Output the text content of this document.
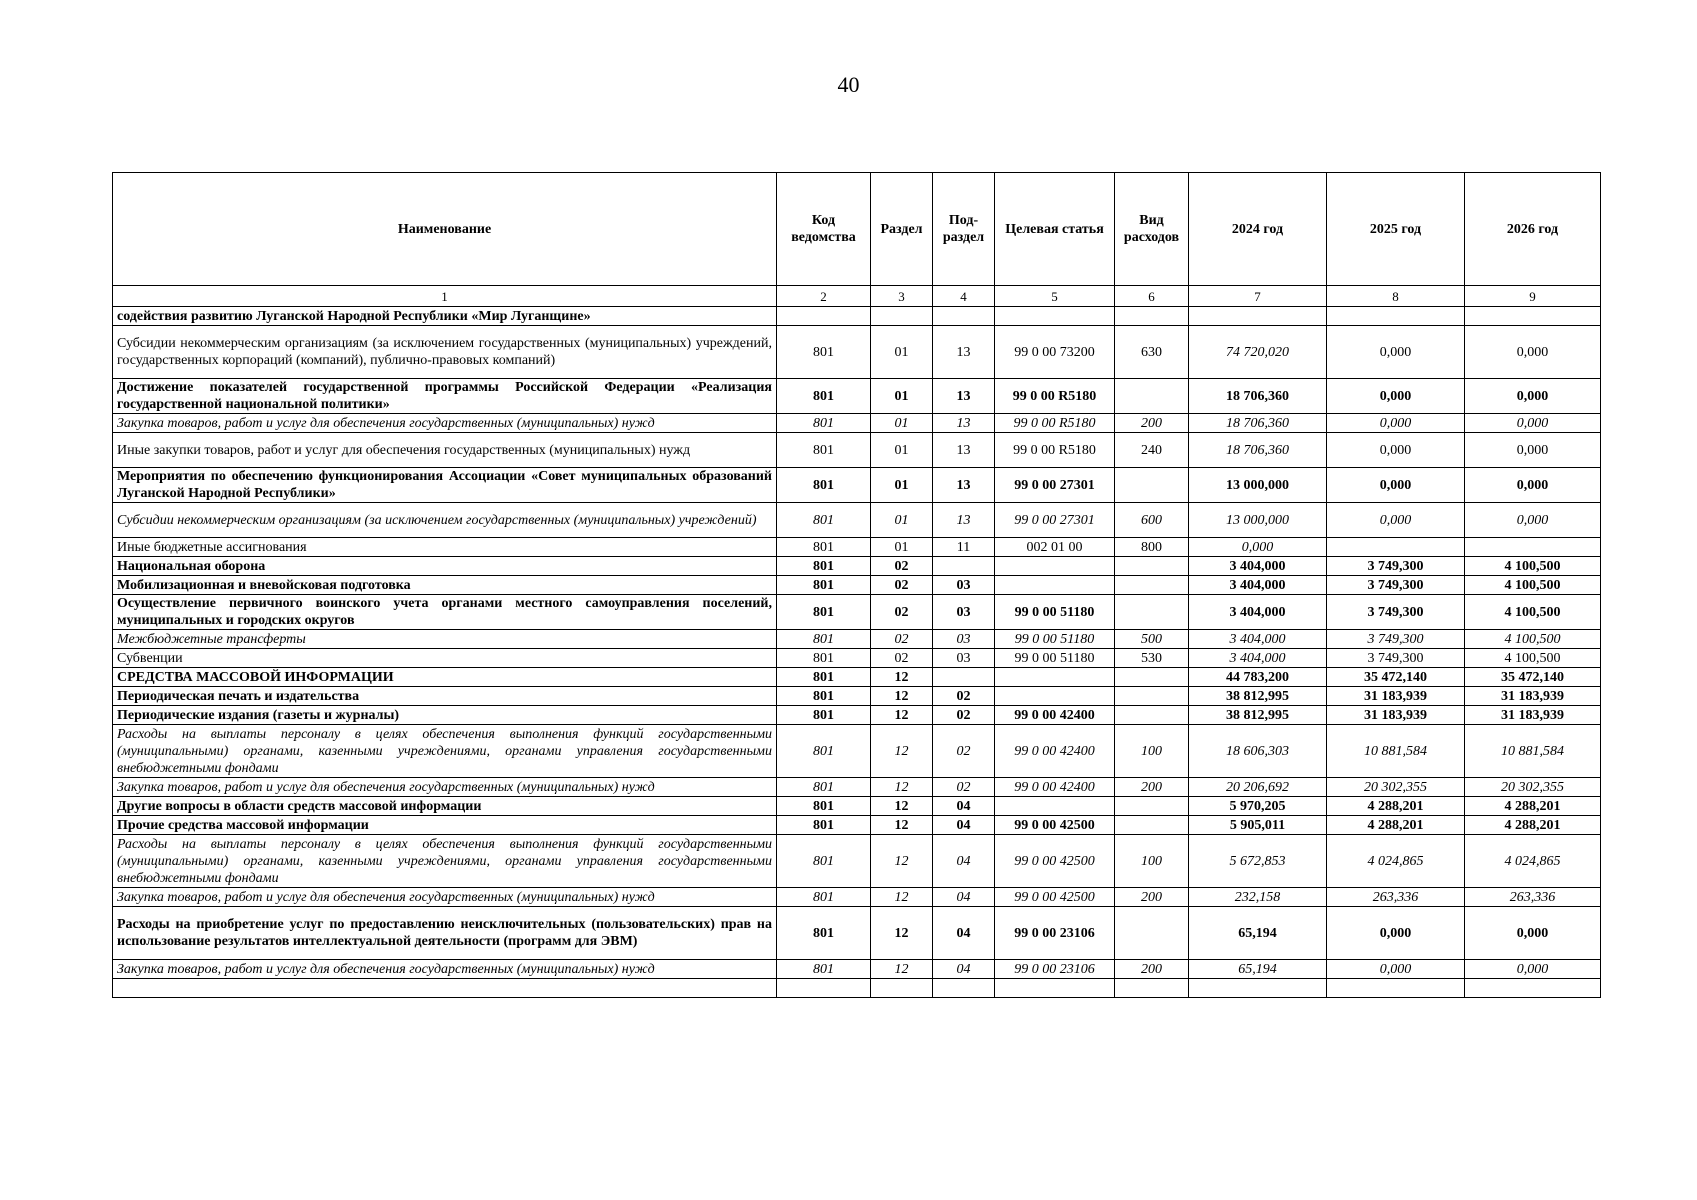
40
Наименование	Код ведомства	Раздел	Под-раздел	Целевая статья	Вид расходов	2024 год	2025 год	2026 год
1	2	3	4	5	6	7	8	9
содействия развитию Луганской Народной Республики «Мир Луганщине»								
Субсидии некоммерческим организациям (за исключением государственных (муниципальных) учреждений, государственных корпораций (компаний), публично-правовых компаний)	801	01	13	99 0 00 73200	630	74 720,020	0,000	0,000
Достижение показателей государственной программы Российской Федерации «Реализация государственной национальной политики»	801	01	13	99 0 00 R5180		18 706,360	0,000	0,000
Закупка товаров, работ и услуг для обеспечения государственных (муниципальных) нужд	801	01	13	99 0 00 R5180	200	18 706,360	0,000	0,000
Иные закупки товаров, работ и услуг для обеспечения государственных (муниципальных) нужд	801	01	13	99 0 00 R5180	240	18 706,360	0,000	0,000
Мероприятия по обеспечению функционирования Ассоциации «Совет муниципальных образований Луганской Народной Республики»	801	01	13	99 0 00 27301		13 000,000	0,000	0,000
Субсидии некоммерческим организациям (за исключением государственных (муниципальных) учреждений)	801	01	13	99 0 00 27301	600	13 000,000	0,000	0,000
Иные бюджетные ассигнования	801	01	11	002 01 00	800	0,000		
Национальная оборона	801	02				3 404,000	3 749,300	4 100,500
Мобилизационная и вневойсковая подготовка	801	02	03			3 404,000	3 749,300	4 100,500
Осуществление первичного воинского учета органами местного самоуправления поселений, муниципальных и городских округов	801	02	03	99 0 00 51180		3 404,000	3 749,300	4 100,500
Межбюджетные трансферты	801	02	03	99 0 00 51180	500	3 404,000	3 749,300	4 100,500
Субвенции	801	02	03	99 0 00 51180	530	3 404,000	3 749,300	4 100,500
СРЕДСТВА МАССОВОЙ ИНФОРМАЦИИ	801	12				44 783,200	35 472,140	35 472,140
Периодическая печать и издательства	801	12	02			38 812,995	31 183,939	31 183,939
Периодические издания (газеты и журналы)	801	12	02	99 0 00 42400		38 812,995	31 183,939	31 183,939
Расходы на выплаты персоналу в целях обеспечения выполнения функций государственными (муниципальными) органами, казенными учреждениями, органами управления государственными внебюджетными фондами	801	12	02	99 0 00 42400	100	18 606,303	10 881,584	10 881,584
Закупка товаров, работ и услуг для обеспечения государственных (муниципальных) нужд	801	12	02	99 0 00 42400	200	20 206,692	20 302,355	20 302,355
Другие вопросы в области средств массовой информации	801	12	04			5 970,205	4 288,201	4 288,201
Прочие средства массовой информации	801	12	04	99 0 00 42500		5 905,011	4 288,201	4 288,201
Расходы на выплаты персоналу в целях обеспечения выполнения функций государственными (муниципальными) органами, казенными учреждениями, органами управления государственными внебюджетными фондами	801	12	04	99 0 00 42500	100	5 672,853	4 024,865	4 024,865
Закупка товаров, работ и услуг для обеспечения государственных (муниципальных) нужд	801	12	04	99 0 00 42500	200	232,158	263,336	263,336
Расходы на приобретение услуг по предоставлению неисключительных (пользовательских) прав на использование результатов интеллектуальной деятельности (программ для ЭВМ)	801	12	04	99 0 00 23106		65,194	0,000	0,000
Закупка товаров, работ и услуг для обеспечения государственных (муниципальных) нужд	801	12	04	99 0 00 23106	200	65,194	0,000	0,000
